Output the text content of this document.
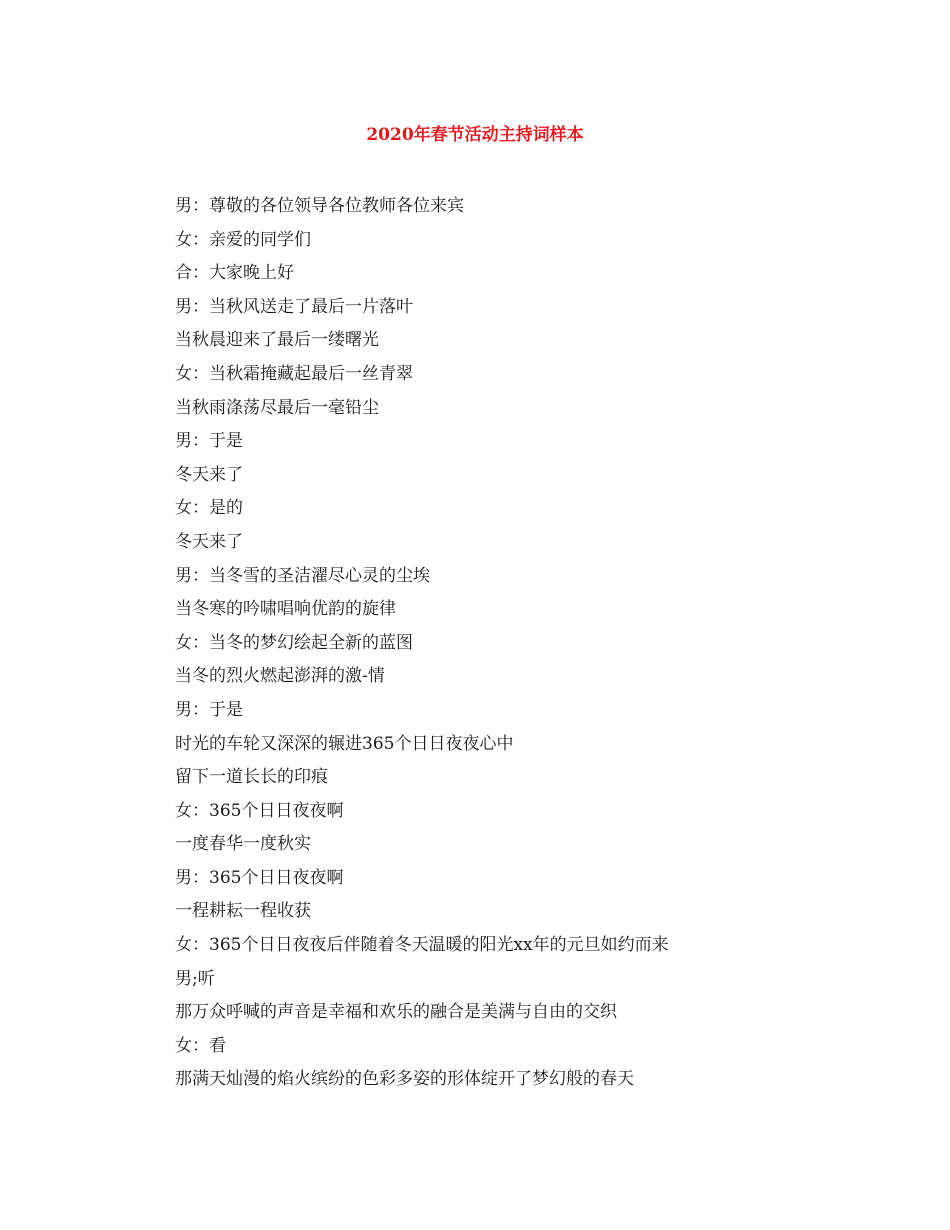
2020年春节活动主持词样本
男：尊敬的各位领导各位教师各位来宾
女：亲爱的同学们
合：大家晚上好
男：当秋风送走了最后一片落叶
当秋晨迎来了最后一缕曙光
女：当秋霜掩藏起最后一丝青翠
当秋雨涤荡尽最后一毫铅尘
男：于是
冬天来了
女：是的
冬天来了
男：当冬雪的圣洁濯尽心灵的尘埃
当冬寒的吟啸唱响优韵的旋律
女：当冬的梦幻绘起全新的蓝图
当冬的烈火燃起澎湃的激-情
男：于是
时光的车轮又深深的辗进365个日日夜夜心中
留下一道长长的印痕
女：365个日日夜夜啊
一度春华一度秋实
男：365个日日夜夜啊
一程耕耘一程收获
女：365个日日夜夜后伴随着冬天温暖的阳光xx年的元旦如约而来
男;听
那万众呼喊的声音是幸福和欢乐的融合是美满与自由的交织
女：看
那满天灿漫的焰火缤纷的色彩多姿的形体绽开了梦幻般的春天
